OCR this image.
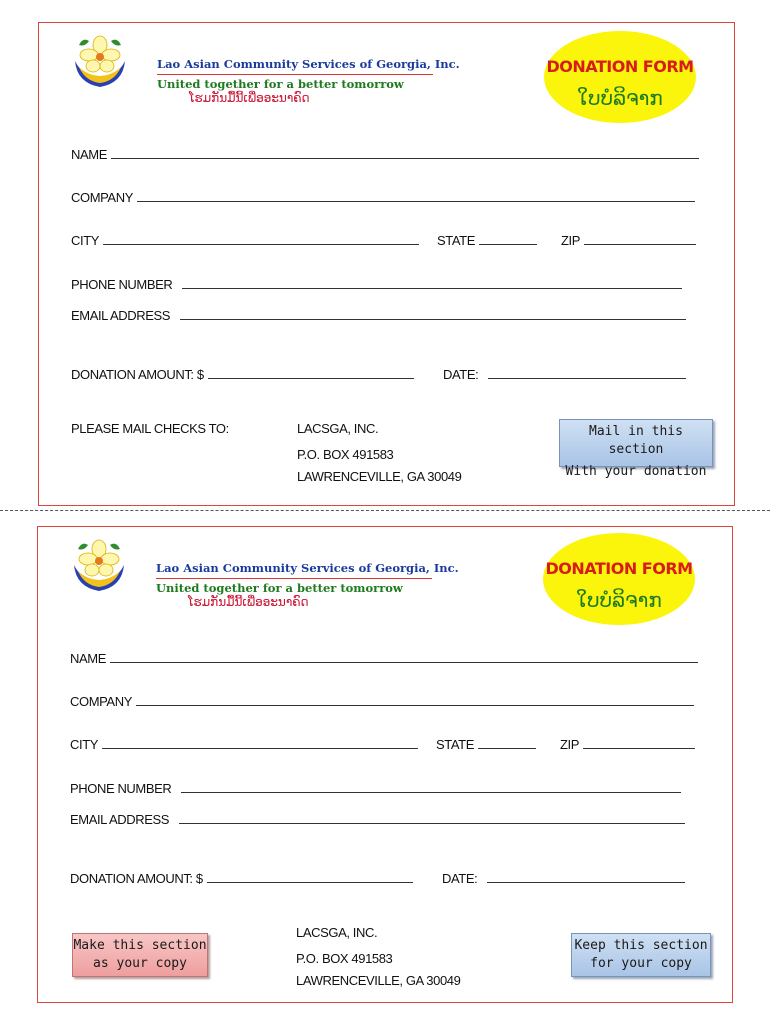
Lao Asian Community Services of Georgia, Inc.
United together for a better tomorrow
ໂຮມກັນມື້ນີ້ເພື່ອອະນາຄົດ
DONATION FORM
ໃບບໍລິຈາກ
NAME
COMPANY
CITY	STATE	ZIP
PHONE NUMBER
EMAIL ADDRESS
DONATION AMOUNT: $	DATE:
PLEASE MAIL CHECKS TO:	LACSGA, INC.
P.O. BOX 491583
LAWRENCEVILLE, GA 30049
Mail in this section
With your donation
Lao Asian Community Services of Georgia, Inc.
United together for a better tomorrow
ໂຮມກັນມື້ນີ້ເພື່ອອະນາຄົດ
DONATION FORM
ໃບບໍລິຈາກ
NAME
COMPANY
CITY	STATE	ZIP
PHONE NUMBER
EMAIL ADDRESS
DONATION AMOUNT: $	DATE:
Make this section
as your copy
LACSGA, INC.
P.O. BOX 491583
LAWRENCEVILLE, GA 30049
Keep this section
for your copy
